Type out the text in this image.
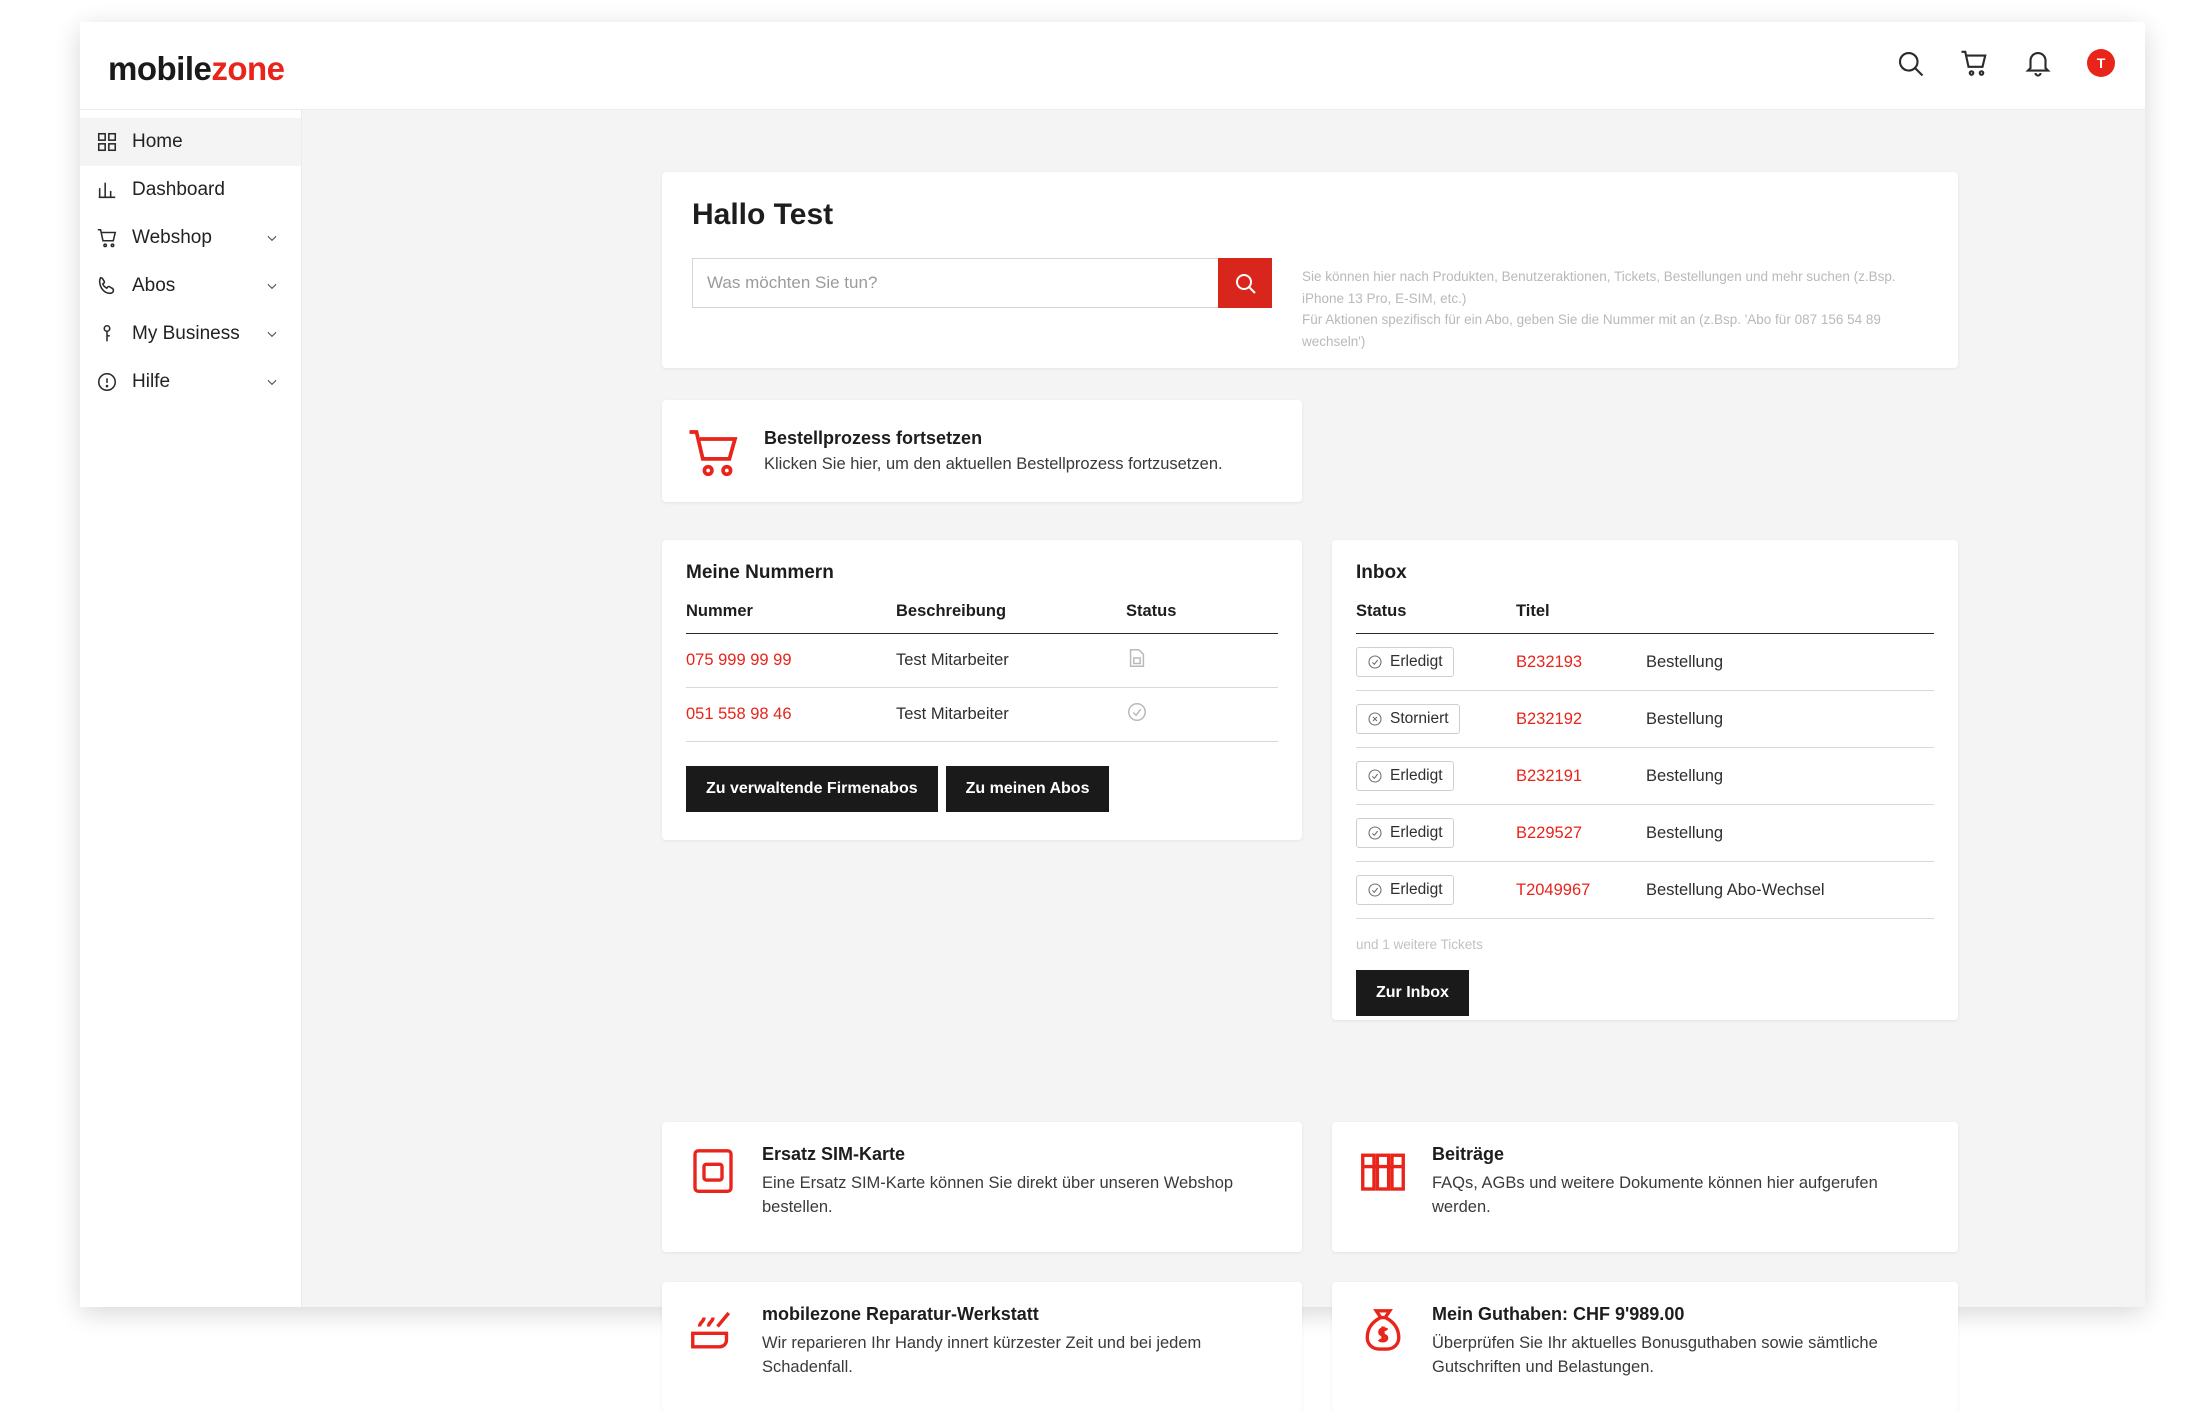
mobilezone	T
Home
Dashboard
Webshop
Abos
My Business
Hilfe
Hallo Test
Was möchten Sie tun?
Sie können hier nach Produkten, Benutzeraktionen, Tickets, Bestellungen und mehr suchen (z.Bsp. iPhone 13 Pro, E-SIM, etc.)
Für Aktionen spezifisch für ein Abo, geben Sie die Nummer mit an (z.Bsp. 'Abo für 087 156 54 89 wechseln')
Bestellprozess fortsetzen
Klicken Sie hier, um den aktuellen Bestellprozess fortzusetzen.
Meine Nummern
Nummer	Beschreibung	Status
075 999 99 99	Test Mitarbeiter	
051 558 98 46	Test Mitarbeiter	
Zu verwaltende Firmenabos	Zu meinen Abos
Inbox
Status	Titel	

Erledigt	B232193	Bestellung

Storniert	B232192	Bestellung

Erledigt	B232191	Bestellung

Erledigt	B229527	Bestellung

Erledigt	T2049967	Bestellung Abo-Wechsel
und 1 weitere Tickets
Zur Inbox
Ersatz SIM-Karte
Eine Ersatz SIM-Karte können Sie direkt über unseren Webshop bestellen.
Beiträge
FAQs, AGBs und weitere Dokumente können hier aufgerufen werden.
mobilezone Reparatur-Werkstatt
Wir reparieren Ihr Handy innert kürzester Zeit und bei jedem Schadenfall.
Mein Guthaben: CHF 9'989.00
Überprüfen Sie Ihr aktuelles Bonusguthaben sowie sämtliche Gutschriften und Belastungen.
